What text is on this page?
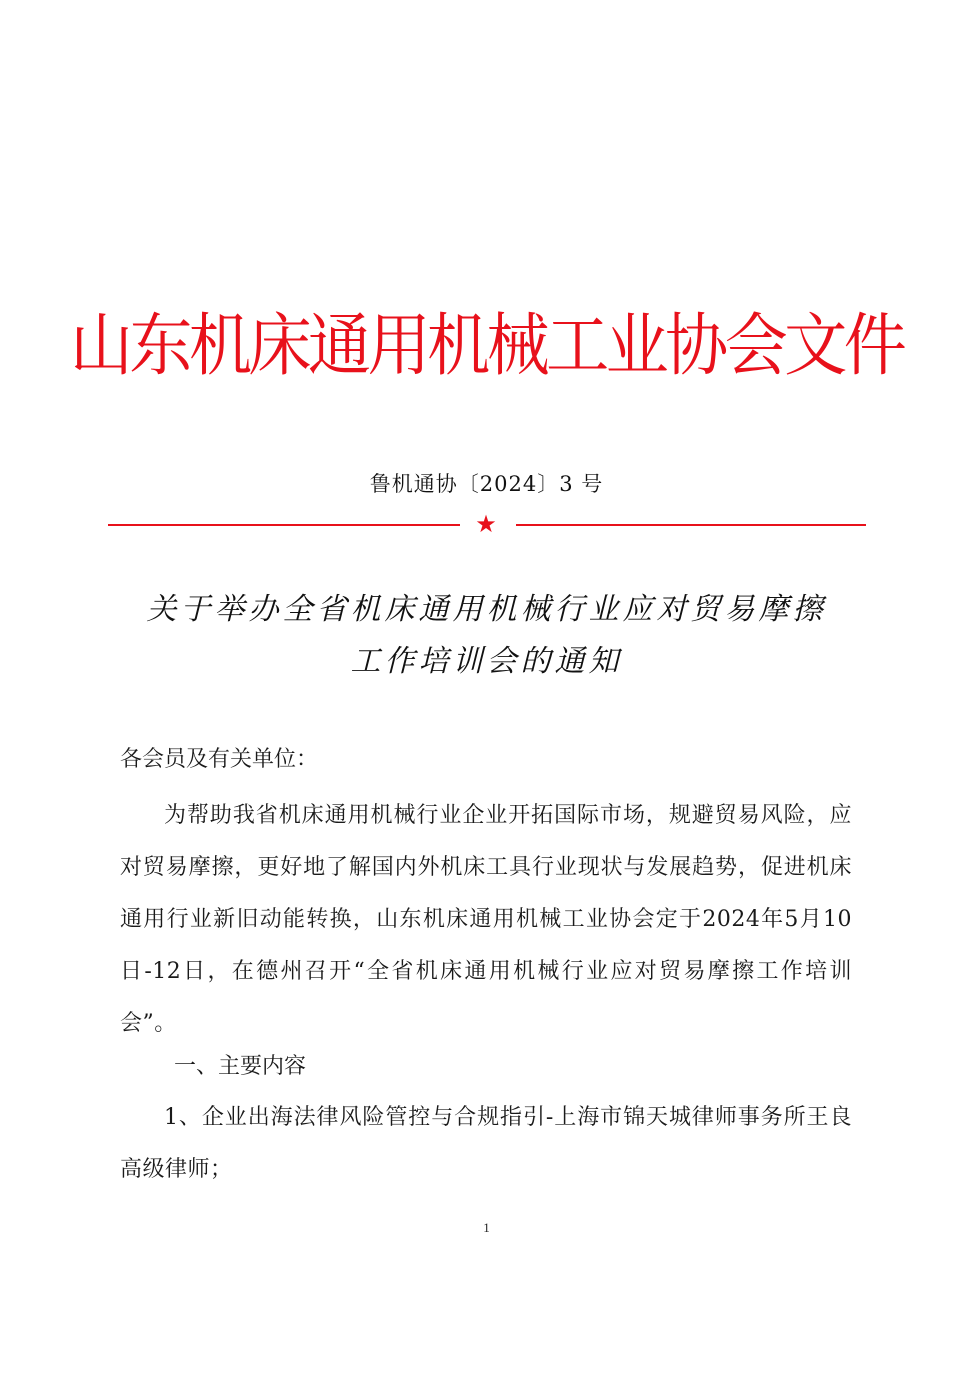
山东机床通用机械工业协会文件
鲁机通协〔2024〕3 号
★
关于举办全省机床通用机械行业应对贸易摩擦
工作培训会的通知
各会员及有关单位：

为帮助我省机床通用机械行业企业开拓国际市场，规避贸易风险，应对贸易摩擦，更好地了解国内外机床工具行业现状与发展趋势，促进机床通用行业新旧动能转换，山东机床通用机械工业协会定于2024年5月10日-12日，在德州召开“全省机床通用机械行业应对贸易摩擦工作培训会”。

一、主要内容

1、企业出海法律风险管控与合规指引-上海市锦天城律师事务所王良高级律师；

1
